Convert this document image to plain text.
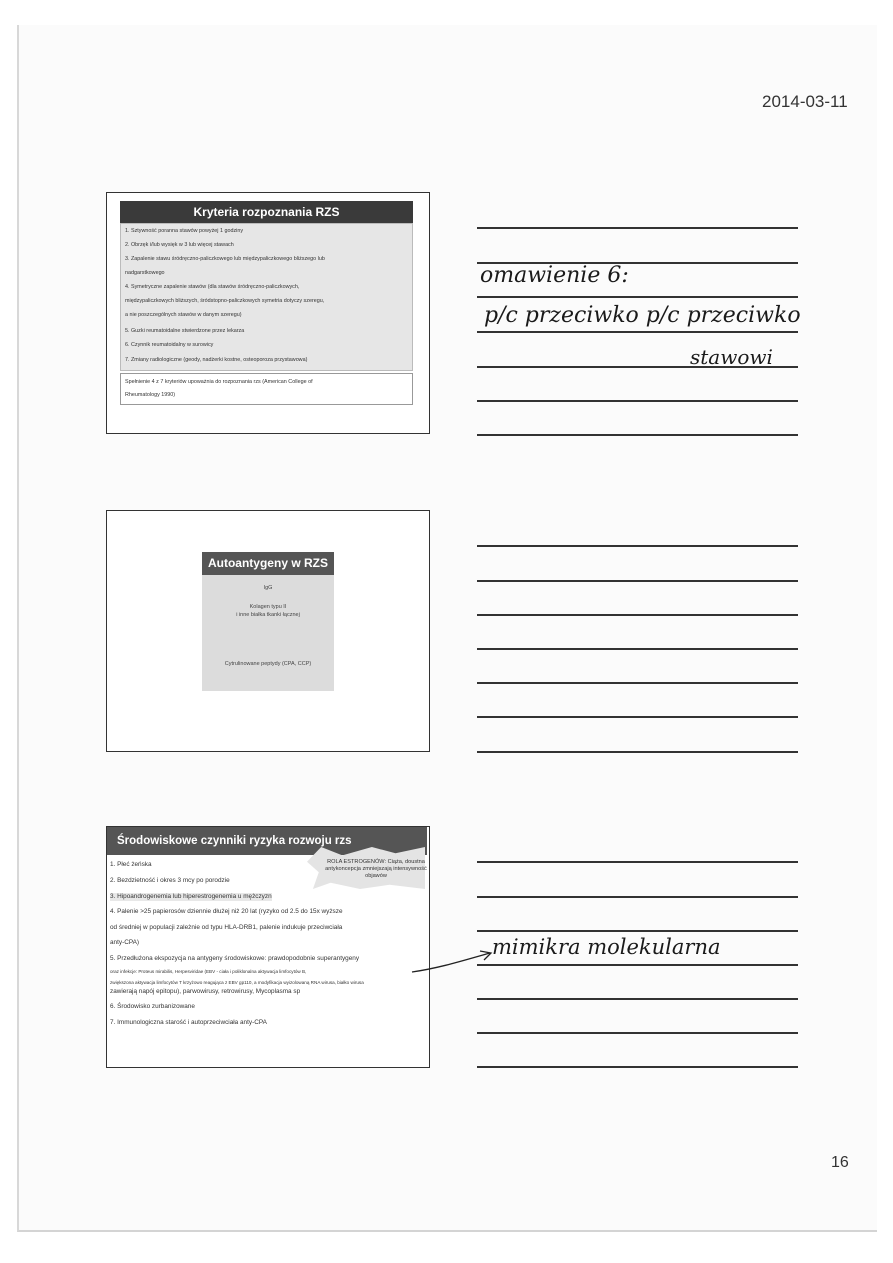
2014-03-11
16
Kryteria rozpoznania RZS
1. Sztywność poranna stawów powyżej 1 godziny
2. Obrzęk i/lub wysięk w 3 lub więcej stawach
3. Zapalenie stawu śródręczno-paliczkowego lub międzypaliczkowego bliższego lub
nadgarstkowego
4. Symetryczne zapalenie stawów (dla stawów śródręczno-paliczkowych,
międzypaliczkowych bliższych, śródstopno-paliczkowych symetria dotyczy szeregu,
a nie poszczególnych stawów w danym szeregu)
5. Guzki reumatoidalne stwierdzone przez lekarza
6. Czynnik reumatoidalny w surowicy
7. Zmiany radiologiczne (geody, nadżerki kostne, osteoporoza przystawowa)
Spełnienie 4 z 7 kryteriów upoważnia do rozpoznania rzs (American College of
Rheumatology 1990)
Autoantygeny w RZS
IgG
Kolagen typu II
i inne białka tkanki łącznej
Cytrulinowane peptydy (CPA, CCP)
Środowiskowe czynniki ryzyka rozwoju rzs
ROLA ESTROGENÓW: Ciąża, doustna antykoncepcja zmniejszają intensywność objawów
1. Płeć żeńska
2. Bezdzietność i okres 3 mcy po porodzie
3. Hipoandrogenemia lub hiperestrogenemia u mężczyzn
4. Palenie >25 papierosów dziennie dłużej niż 20 lat (ryzyko od 2.5 do 15x wyższe
od średniej w populacji zależnie od typu HLA-DRB1, palenie indukuje przeciwciała
anty-CPA)
5. Przedłużona ekspozycja na antygeny środowiskowe: prawdopodobnie superantygeny
oraz infekcje: Proteus mirabilis, Herpesviridae (EBV - ciała i poliklonalna aktywacja limfocytów B,
zwiększona aktywacja limfocytów T krzyżowo reagująca z EBV gp110, a modyfikacja wyizolowaną RNA wirusa, białko wirusa
zawierają napój epitopu), parwowirusy, retrowirusy, Mycoplasma sp
6. Środowisko zurbanizowane
7. Immunologiczna starość i autoprzeciwciała anty-CPA
omawienie 6:
p/c przeciwko p/c przeciwko
stawowi
mimikra molekularna
